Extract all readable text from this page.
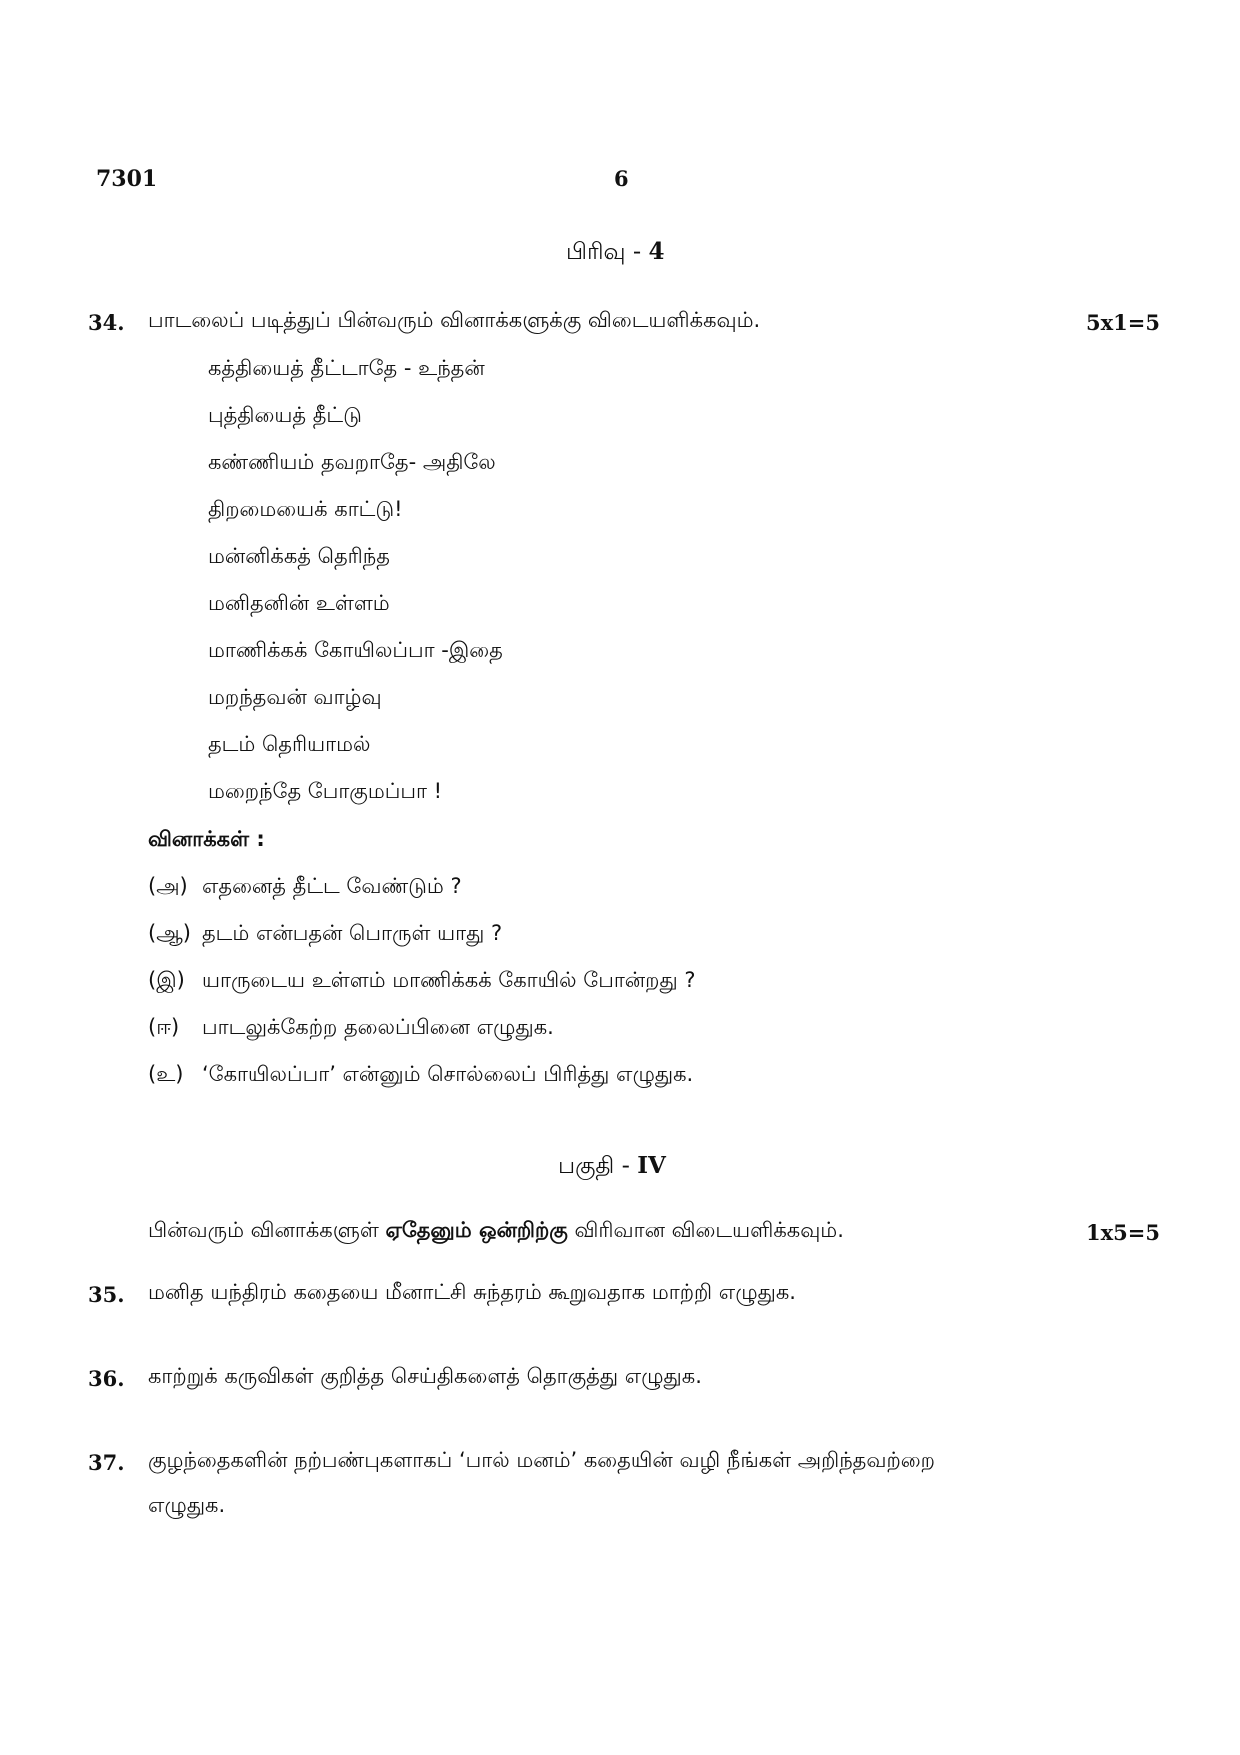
7301	6
பிரிவு - 4
34. பாடலைப் படித்துப் பின்வரும் வினாக்களுக்கு விடையளிக்கவும்.	5x1=5
கத்தியைத் தீட்டாதே - உந்தன்
புத்தியைத் தீட்டு
கண்ணியம் தவறாதே- அதிலே
திறமையைக் காட்டு!
மன்னிக்கத் தெரிந்த
மனிதனின் உள்ளம்
மாணிக்கக் கோயிலப்பா -இதை
மறந்தவன் வாழ்வு
தடம் தெரியாமல்
மறைந்தே போகுமப்பா !
வினாக்கள் :
(அ) எதனைத் தீட்ட வேண்டும் ?
(ஆ) தடம் என்பதன் பொருள் யாது ?
(இ) யாருடைய உள்ளம் மாணிக்கக் கோயில் போன்றது ?
(ஈ) பாடலுக்கேற்ற தலைப்பினை எழுதுக.
(உ) ‘கோயிலப்பா’ என்னும் சொல்லைப் பிரித்து எழுதுக.
பகுதி - IV
பின்வரும் வினாக்களுள் ஏதேனும் ஒன்றிற்கு விரிவான விடையளிக்கவும்.	1x5=5
35. மனித யந்திரம் கதையை மீனாட்சி சுந்தரம் கூறுவதாக மாற்றி எழுதுக.
36. காற்றுக் கருவிகள் குறித்த செய்திகளைத் தொகுத்து எழுதுக.
37. குழந்தைகளின் நற்பண்புகளாகப் ‘பால் மனம்’ கதையின் வழி நீங்கள் அறிந்தவற்றை
எழுதுக.
